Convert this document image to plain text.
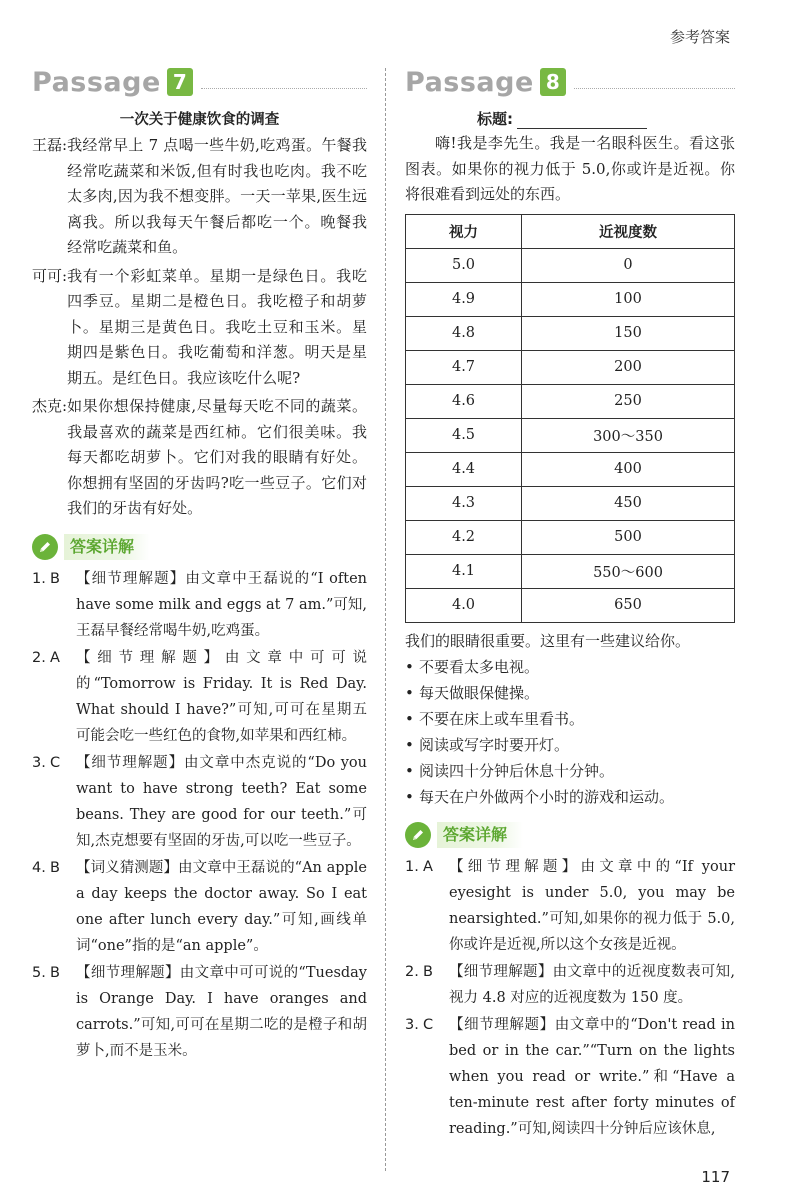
参考答案
Passage 7
一次关于健康饮食的调查
王磊: 我经常早上 7 点喝一些牛奶,吃鸡蛋。午餐我经常吃蔬菜和米饭,但有时我也吃肉。我不吃太多肉,因为我不想变胖。一天一苹果,医生远离我。所以我每天午餐后都吃一个。晚餐我经常吃蔬菜和鱼。
可可: 我有一个彩虹菜单。星期一是绿色日。我吃四季豆。星期二是橙色日。我吃橙子和胡萝卜。星期三是黄色日。我吃土豆和玉米。星期四是紫色日。我吃葡萄和洋葱。明天是星期五。是红色日。我应该吃什么呢?
杰克: 如果你想保持健康,尽量每天吃不同的蔬菜。我最喜欢的蔬菜是西红柿。它们很美味。我每天都吃胡萝卜。它们对我的眼睛有好处。你想拥有坚固的牙齿吗?吃一些豆子。它们对我们的牙齿有好处。
答案详解
1. B	【细节理解题】由文章中王磊说的“I often have some milk and eggs at 7 am.”可知,王磊早餐经常喝牛奶,吃鸡蛋。
2. A	【细节理解题】由文章中可可说的“Tomorrow is Friday. It is Red Day. What should I have?”可知,可可在星期五可能会吃一些红色的食物,如苹果和西红柿。
3. C	【细节理解题】由文章中杰克说的“Do you want to have strong teeth? Eat some beans. They are good for our teeth.”可知,杰克想要有坚固的牙齿,可以吃一些豆子。
4. B	【词义猜测题】由文章中王磊说的“An apple a day keeps the doctor away. So I eat one after lunch every day.”可知,画线单词“one”指的是“an apple”。
5. B	【细节理解题】由文章中可可说的“Tuesday is Orange Day. I have oranges and carrots.”可知,可可在星期二吃的是橙子和胡萝卜,而不是玉米。
Passage 8
标题:
嗨!我是李先生。我是一名眼科医生。看这张图表。如果你的视力低于 5.0,你或许是近视。你将很难看到远处的东西。
视力	近视度数
5.0	0
4.9	100
4.8	150
4.7	200
4.6	250
4.5	300～350
4.4	400
4.3	450
4.2	500
4.1	550～600
4.0	650
我们的眼睛很重要。这里有一些建议给你。
• 不要看太多电视。
• 每天做眼保健操。
• 不要在床上或车里看书。
• 阅读或写字时要开灯。
• 阅读四十分钟后休息十分钟。
• 每天在户外做两个小时的游戏和运动。
答案详解
1. A	【细节理解题】由文章中的“If your eyesight is under 5.0, you may be nearsighted.”可知,如果你的视力低于 5.0,你或许是近视,所以这个女孩是近视。
2. B	【细节理解题】由文章中的近视度数表可知,视力 4.8 对应的近视度数为 150 度。
3. C	【细节理解题】由文章中的“Don't read in bed or in the car.”“Turn on the lights when you read or write.”和“Have a ten-minute rest after forty minutes of reading.”可知,阅读四十分钟后应该休息,
117
